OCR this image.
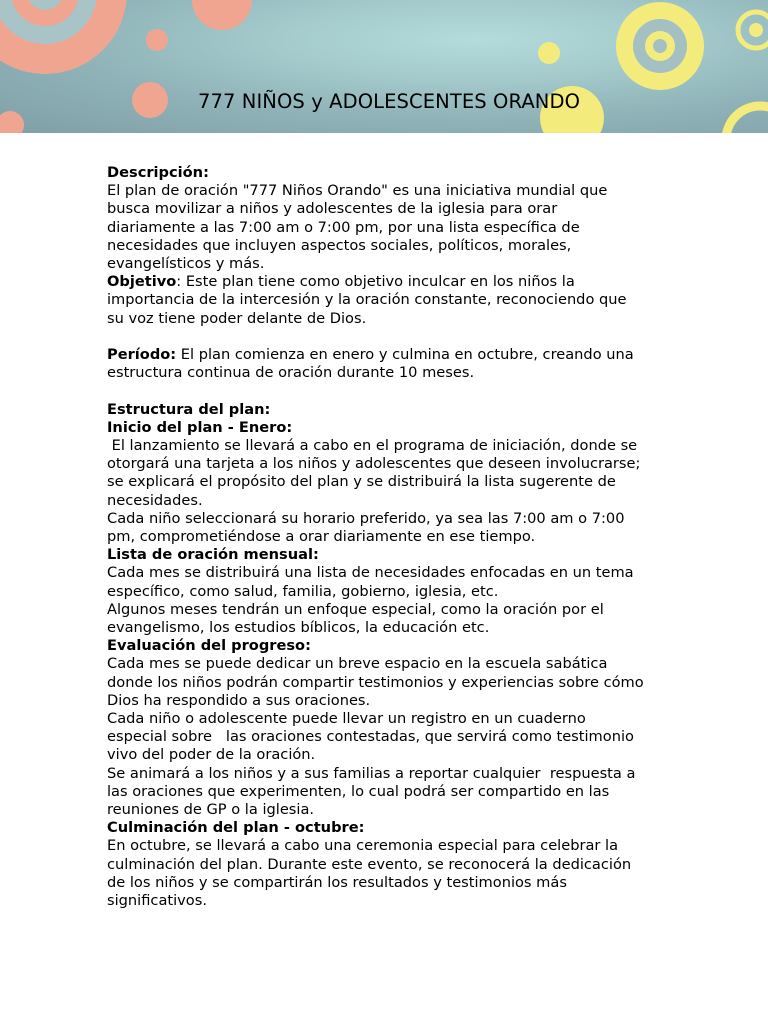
777 NIÑOS y ADOLESCENTES ORANDO

Descripción:

El plan de oración "777 Niños Orando" es una iniciativa mundial que

busca movilizar a niños y adolescentes de la iglesia para orar

diariamente a las 7:00 am o 7:00 pm, por una lista específica de

necesidades que incluyen aspectos sociales, políticos, morales,

evangelísticos y más.

Objetivo: Este plan tiene como objetivo inculcar en los niños la

importancia de la intercesión y la oración constante, reconociendo que

su voz tiene poder delante de Dios.

Período: El plan comienza en enero y culmina en octubre, creando una

estructura continua de oración durante 10 meses.

Estructura del plan:

Inicio del plan - Enero:

El lanzamiento se llevará a cabo en el programa de iniciación, donde se

otorgará una tarjeta a los niños y adolescentes que deseen involucrarse;

se explicará el propósito del plan y se distribuirá la lista sugerente de

necesidades.

Cada niño seleccionará su horario preferido, ya sea las 7:00 am o 7:00

pm, comprometiéndose a orar diariamente en ese tiempo.

Lista de oración mensual:

Cada mes se distribuirá una lista de necesidades enfocadas en un tema

específico, como salud, familia, gobierno, iglesia, etc.

Algunos meses tendrán un enfoque especial, como la oración por el

evangelismo, los estudios bíblicos, la educación etc.

Evaluación del progreso:

Cada mes se puede dedicar un breve espacio en la escuela sabática

donde los niños podrán compartir testimonios y experiencias sobre cómo

Dios ha respondido a sus oraciones.

Cada niño o adolescente puede llevar un registro en un cuaderno

especial sobre   las oraciones contestadas, que servirá como testimonio

vivo del poder de la oración.

Se animará a los niños y a sus familias a reportar cualquier  respuesta a

las oraciones que experimenten, lo cual podrá ser compartido en las

reuniones de GP o la iglesia.

Culminación del plan - octubre:

En octubre, se llevará a cabo una ceremonia especial para celebrar la

culminación del plan. Durante este evento, se reconocerá la dedicación

de los niños y se compartirán los resultados y testimonios más

significativos.
